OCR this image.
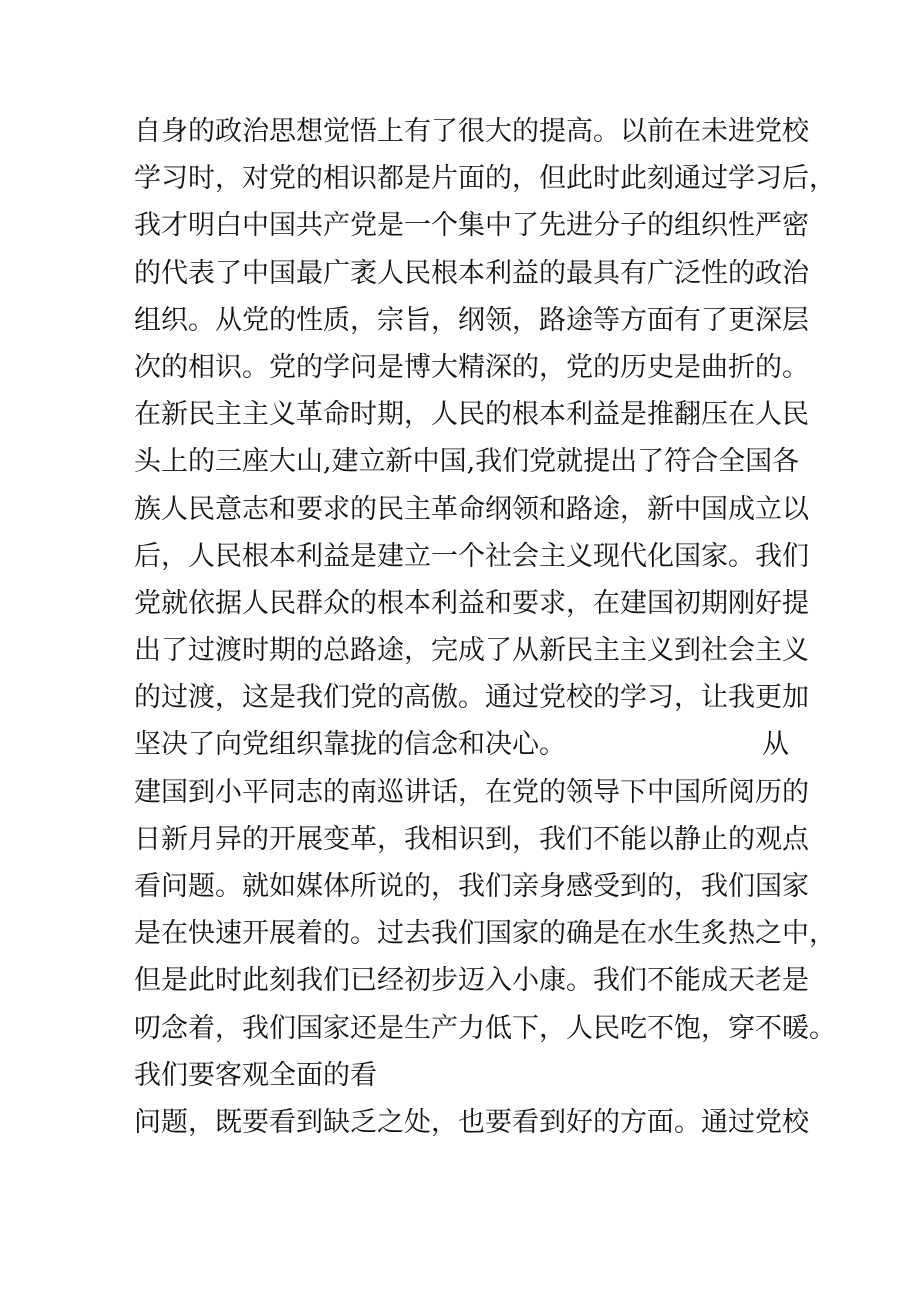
自身的政治思想觉悟上有了很大的提高。以前在未进党校
学习时，对党的相识都是片面的，但此时此刻通过学习后，
我才明白中国共产党是一个集中了先进分子的组织性严密
的代表了中国最广袤人民根本利益的最具有广泛性的政治
组织。从党的性质，宗旨，纲领，路途等方面有了更深层
次的相识。党的学问是博大精深的，党的历史是曲折的。
在新民主主义革命时期，人民的根本利益是推翻压在人民
头上的三座大山,建立新中国,我们党就提出了符合全国各
族人民意志和要求的民主革命纲领和路途，新中国成立以
后，人民根本利益是建立一个社会主义现代化国家。我们
党就依据人民群众的根本利益和要求，在建国初期刚好提
出了过渡时期的总路途，完成了从新民主主义到社会主义
的过渡，这是我们党的高傲。通过党校的学习，让我更加
坚决了向党组织靠拢的信念和决心。	从
建国到小平同志的南巡讲话，在党的领导下中国所阅历的
日新月异的开展变革，我相识到，我们不能以静止的观点
看问题。就如媒体所说的，我们亲身感受到的，我们国家
是在快速开展着的。过去我们国家的确是在水生炙热之中，
但是此时此刻我们已经初步迈入小康。我们不能成天老是
叨念着，我们国家还是生产力低下，人民吃不饱，穿不暖。
我们要客观全面的看
问题，既要看到缺乏之处，也要看到好的方面。通过党校
